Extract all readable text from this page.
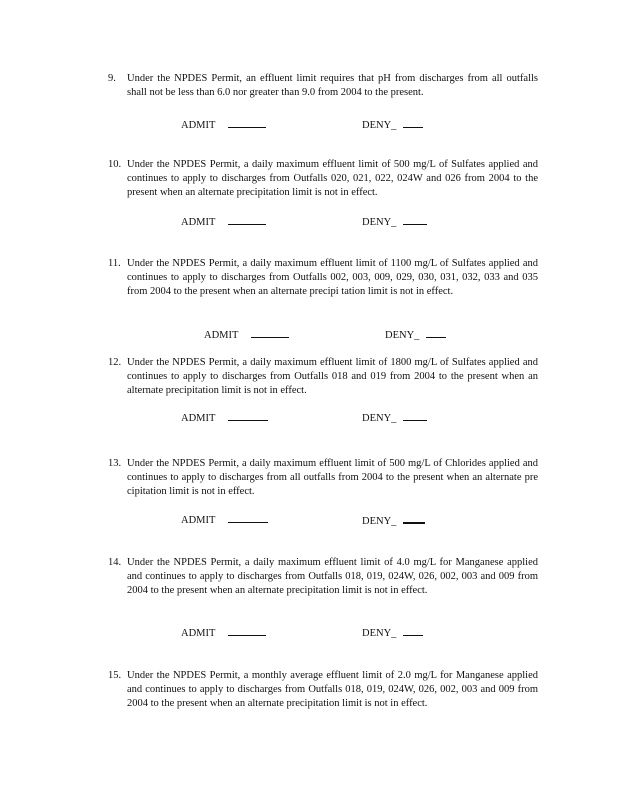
9. Under the NPDES Permit, an effluent limit requires that pH from discharges from all outfalls shall not be less than 6.0 nor greater than 9.0 from 2004 to the present.
ADMIT	DENY_
10. Under the NPDES Permit, a daily maximum effluent limit of 500 mg/L of Sulfates applied and continues to apply to discharges from Outfalls 020, 021, 022, 024W and 026 from 2004 to the present when an alternate precipitation limit is not in effect.
ADMIT	DENY_
11. Under the NPDES Permit, a daily maximum effluent limit of 1100 mg/L of Sulfates applied and continues to apply to discharges from Outfalls 002, 003, 009, 029, 030, 031, 032, 033 and 035 from 2004 to the present when an alternate precipi tation limit is not in effect.
ADMIT	DENY_
12. Under the NPDES Permit, a daily maximum effluent limit of 1800 mg/L of Sulfates applied and continues to apply to discharges from Outfalls 018 and 019 from 2004 to the present when an alternate precipitation limit is not in effect.
ADMIT	DENY_
13. Under the NPDES Permit, a daily maximum effluent limit of 500 mg/L of Chlorides applied and continues to apply to discharges from all outfalls from 2004 to the present when an alternate pre cipitation limit is not in effect.
ADMIT	DENY_
14. Under the NPDES Permit, a daily maximum effluent limit of 4.0 mg/L for Manganese applied and continues to apply to discharges from Outfalls 018, 019, 024W, 026, 002, 003 and 009 from 2004 to the present when an alternate precipitation limit is not in effect.
ADMIT	DENY_
15. Under the NPDES Permit, a monthly average effluent limit of 2.0 mg/L for Manganese applied and continues to apply to discharges from Outfalls 018, 019, 024W, 026, 002, 003 and 009 from 2004 to the present when an alternate precipitation limit is not in effect.
